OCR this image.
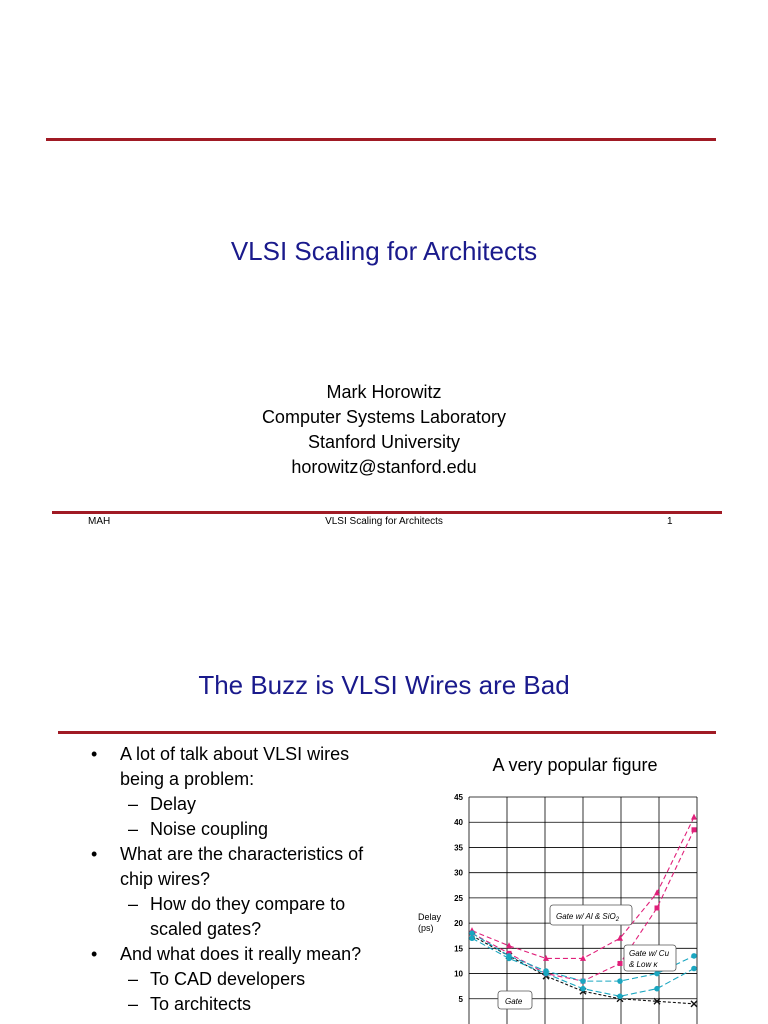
VLSI Scaling for Architects
Mark Horowitz
Computer Systems Laboratory
Stanford University
horowitz@stanford.edu
MAH	VLSI Scaling for Architects	1
The Buzz is VLSI Wires are Bad
• A lot of talk about VLSI wires
being a problem:
– Delay
– Noise coupling
• What are the characteristics of
chip wires?
– How do they compare to
scaled gates?
• And what does it really mean?
– To CAD developers
– To architects
A very popular figure
45
40
35
30
25
20
15
10
5
Delay
(ps)
Gate w/ Al & SiO$_2$
Gate w/ Cu
& Low κ
Gate
